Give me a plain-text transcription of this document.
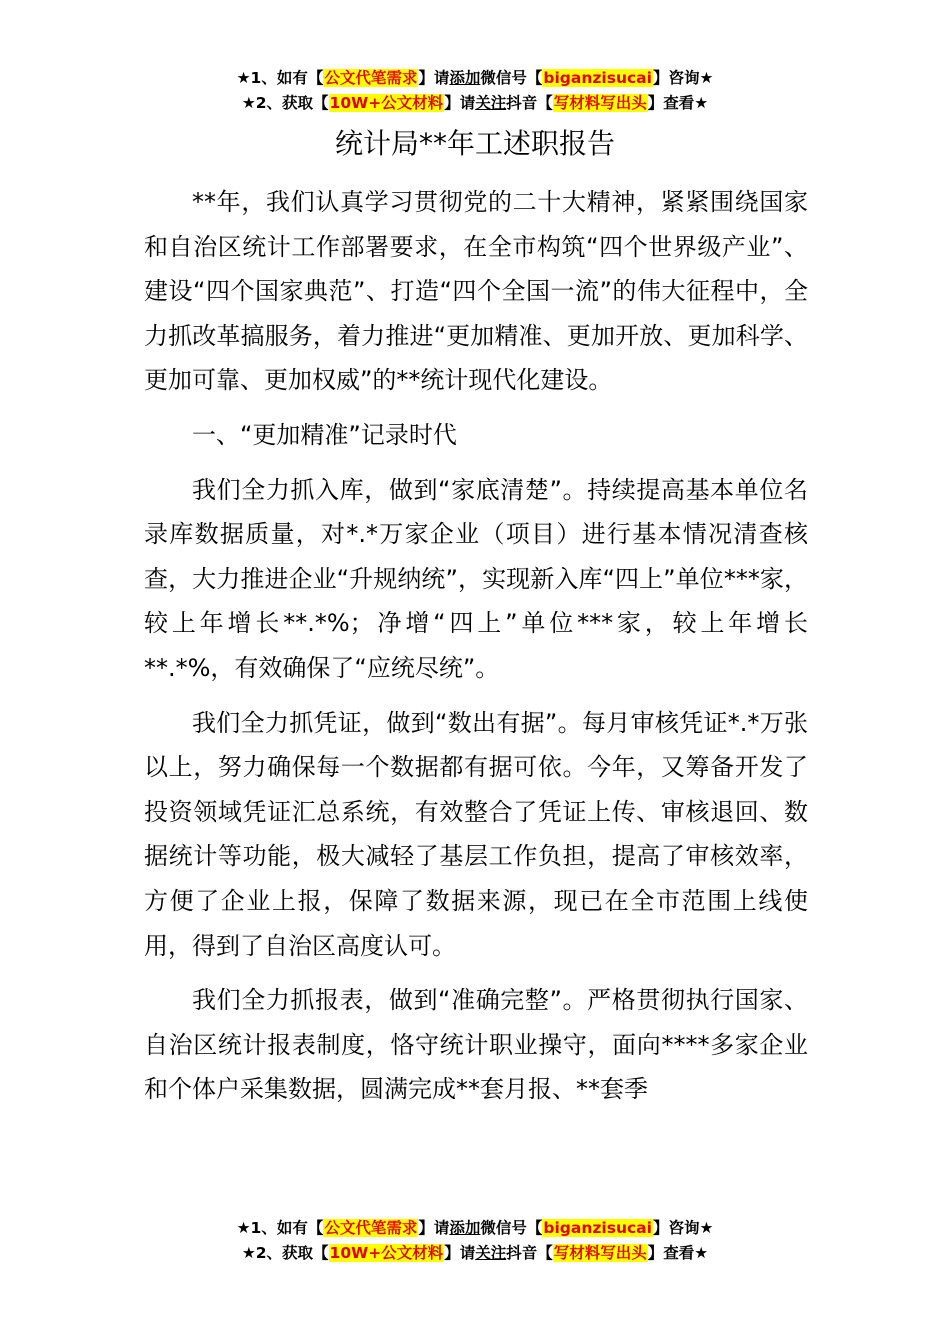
★1、如有【公文代笔需求】请添加微信号【biganzisucai】咨询★
★2、获取【10W+公文材料】请关注抖音【写材料写出头】查看★
统计局**年工述职报告

**年，我们认真学习贯彻党的二十大精神，紧紧围绕国家和自治区统计工作部署要求，在全市构筑“四个世界级产业”、建设“四个国家典范”、打造“四个全国一流”的伟大征程中，全力抓改革搞服务，着力推进“更加精准、更加开放、更加科学、更加可靠、更加权威”的**统计现代化建设。

一、“更加精准”记录时代

我们全力抓入库，做到“家底清楚”。持续提高基本单位名录库数据质量，对*.*万家企业（项目）进行基本情况清查核查，大力推进企业“升规纳统”，实现新入库“四上”单位***家，较上年增长**.*%；净增“四上”单位***家，较上年增长**.*%，有效确保了“应统尽统”。

我们全力抓凭证，做到“数出有据”。每月审核凭证*.*万张以上，努力确保每一个数据都有据可依。今年，又筹备开发了投资领域凭证汇总系统，有效整合了凭证上传、审核退回、数据统计等功能，极大减轻了基层工作负担，提高了审核效率，方便了企业上报，保障了数据来源，现已在全市范围上线使用，得到了自治区高度认可。

我们全力抓报表，做到“准确完整”。严格贯彻执行国家、自治区统计报表制度，恪守统计职业操守，面向****多家企业和个体户采集数据，圆满完成**套月报、**套季

★1、如有【公文代笔需求】请添加微信号【biganzisucai】咨询★
★2、获取【10W+公文材料】请关注抖音【写材料写出头】查看★
